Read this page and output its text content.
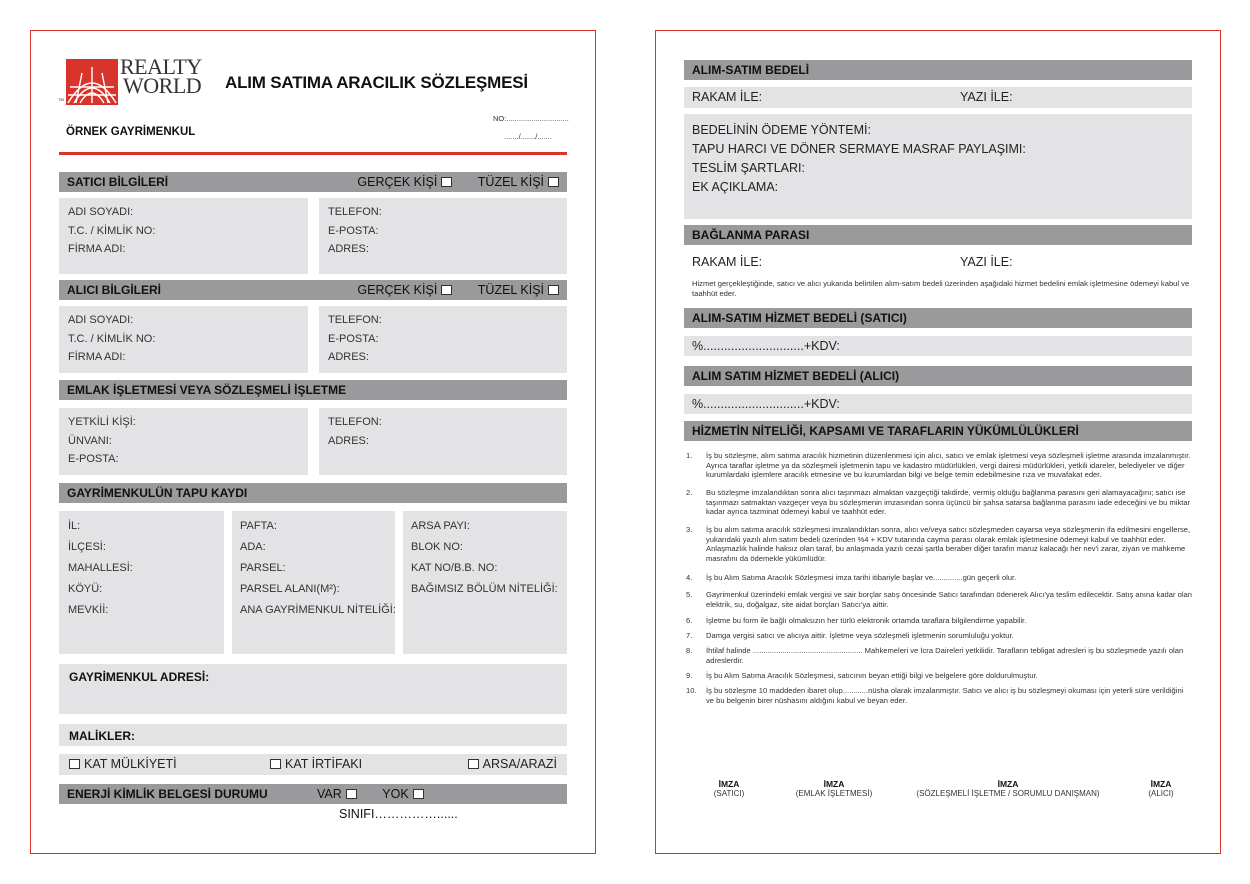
REALTY
WORLD
TM
ALIM SATIMA ARACILIK SÖZLEŞMESİ
ÖRNEK GAYRİMENKUL
NO:..............................
......./......./.......
SATICI BİLGİLERİ	GERÇEK KİŞİ	TÜZEL KİŞİ
ADI SOYADI:
T.C. / KİMLİK NO:
FİRMA ADI:
TELEFON:
E-POSTA:
ADRES:
ALICI BİLGİLERİ	GERÇEK KİŞİ	TÜZEL KİŞİ
ADI SOYADI:
T.C. / KİMLİK NO:
FİRMA ADI:
TELEFON:
E-POSTA:
ADRES:
EMLAK İŞLETMESİ VEYA SÖZLEŞMELİ İŞLETME
YETKİLİ KİŞİ:
ÜNVANI:
E-POSTA:
TELEFON:
ADRES:
GAYRİMENKULÜN TAPU KAYDI
İL:
İLÇESİ:
MAHALLESİ:
KÖYÜ:
MEVKİİ:
PAFTA:
ADA:
PARSEL:
PARSEL ALANI(M²):
ANA GAYRİMENKUL NİTELİĞİ:
ARSA PAYI:
BLOK NO:
KAT NO/B.B. NO:
BAĞIMSIZ BÖLÜM NİTELİĞİ:
GAYRİMENKUL ADRESİ:
MALİKLER:
KAT MÜLKİYETİ	KAT İRTİFAKI	ARSA/ARAZİ
ENERJİ KİMLİK BELGESİ DURUMU	VAR	YOK SINIFI……………......
ALIM-SATIM BEDELİ
RAKAM İLE:	YAZI İLE:
BEDELİNİN ÖDEME YÖNTEMİ:
TAPU HARCI VE DÖNER SERMAYE MASRAF PAYLAŞIMI:
TESLİM ŞARTLARI:
EK AÇIKLAMA:
BAĞLANMA PARASI
RAKAM İLE:	YAZI İLE:
Hizmet gerçekleştiğinde, satıcı ve alıcı yukarıda belirtilen alım-satım bedeli üzerinden aşağıdaki hizmet bedelini emlak işletmesine ödemeyi kabul ve taahhüt eder.
ALIM-SATIM HİZMET BEDELİ (SATICI)
%.............................+KDV:
ALIM SATIM HİZMET BEDELİ (ALICI)
%.............................+KDV:
HİZMETİN NİTELİĞİ, KAPSAMI VE TARAFLARIN YÜKÜMLÜLÜKLERİ
1. İş bu sözleşme, alım satıma aracılık hizmetinin düzenlenmesi için alıcı, satıcı ve emlak işletmesi veya sözleşmeli işletme arasında imzalanmıştır. Ayrıca taraflar işletme ya da sözleşmeli işletmenin tapu ve kadastro müdürlükleri, vergi dairesi müdürlükleri, yetkili idareler, belediyeler ve diğer kurumlardaki işlemlere aracılık etmesine ve bu kurumlardan bilgi ve belge temin edebilmesine rıza ve muvafakat eder.
2. Bu sözleşme imzalandıktan sonra alıcı taşınmazı almaktan vazgeçtiği takdirde, vermiş olduğu bağlanma parasını geri alamayacağını; satıcı ise taşınmazı satmaktan vazgeçer veya bu sözleşmenin imzasından sonra üçüncü bir şahsa satarsa bağlanma parasını iade edeceğini ve bu miktar kadar ayrıca tazminat ödemeyi kabul ve taahhüt eder.
3. İş bu alım satıma aracılık sözleşmesi imzalandıktan sonra, alıcı ve/veya satıcı sözleşmeden cayarsa veya sözleşmenin ifa edilmesini engellerse, yukarıdaki yazılı alım satım bedeli üzerinden %4 + KDV tutarında cayma parası olarak emlak işletmesine ödemeyi kabul ve taahhüt eder. Anlaşmazlık halinde haksız olan taraf, bu anlaşmada yazılı cezai şartla beraber diğer tarafın maruz kalacağı her nev'i zarar, ziyan ve mahkeme masrafını da ödemekle yükümlüdür.
4. İş bu Alım Satıma Aracılık Sözleşmesi imza tarihi itibariyle başlar ve..............gün geçerli olur.
5. Gayrimenkul üzerindeki emlak vergisi ve sair borçlar satış öncesinde Satıcı tarafından ödenerek Alıcı'ya teslim edilecektir. Satış anına kadar olan elektrik, su, doğalgaz, site aidat borçları Satıcı'ya aittir.
6. İşletme bu form ile bağlı olmaksızın her türlü elektronik ortamda taraflara bilgilendirme yapabilir.
7. Damga vergisi satıcı ve alıcıya aittir. İşletme veya sözleşmeli işletmenin sorumluluğu yoktur.
8. İhtilaf halinde .................................................... Mahkemeleri ve İcra Daireleri yetkilidir. Tarafların tebligat adresleri iş bu sözleşmede yazılı olan adreslerdir.
9. İş bu Alım Satıma Aracılık Sözleşmesi, satıcının beyan ettiği bilgi ve belgelere göre doldurulmuştur.
10. İş bu sözleşme 10 maddeden ibaret olup............nüsha olarak imzalanmıştır. Satıcı ve alıcı iş bu sözleşmeyi okuması için yeterli süre verildiğini ve bu belgenin birer nüshasını aldığını kabul ve beyan eder.
İMZA
(SATICI)
İMZA
(EMLAK İŞLETMESİ)
İMZA
(SÖZLEŞMELİ İŞLETME / SORUMLU DANIŞMAN)
İMZA
(ALICI)
